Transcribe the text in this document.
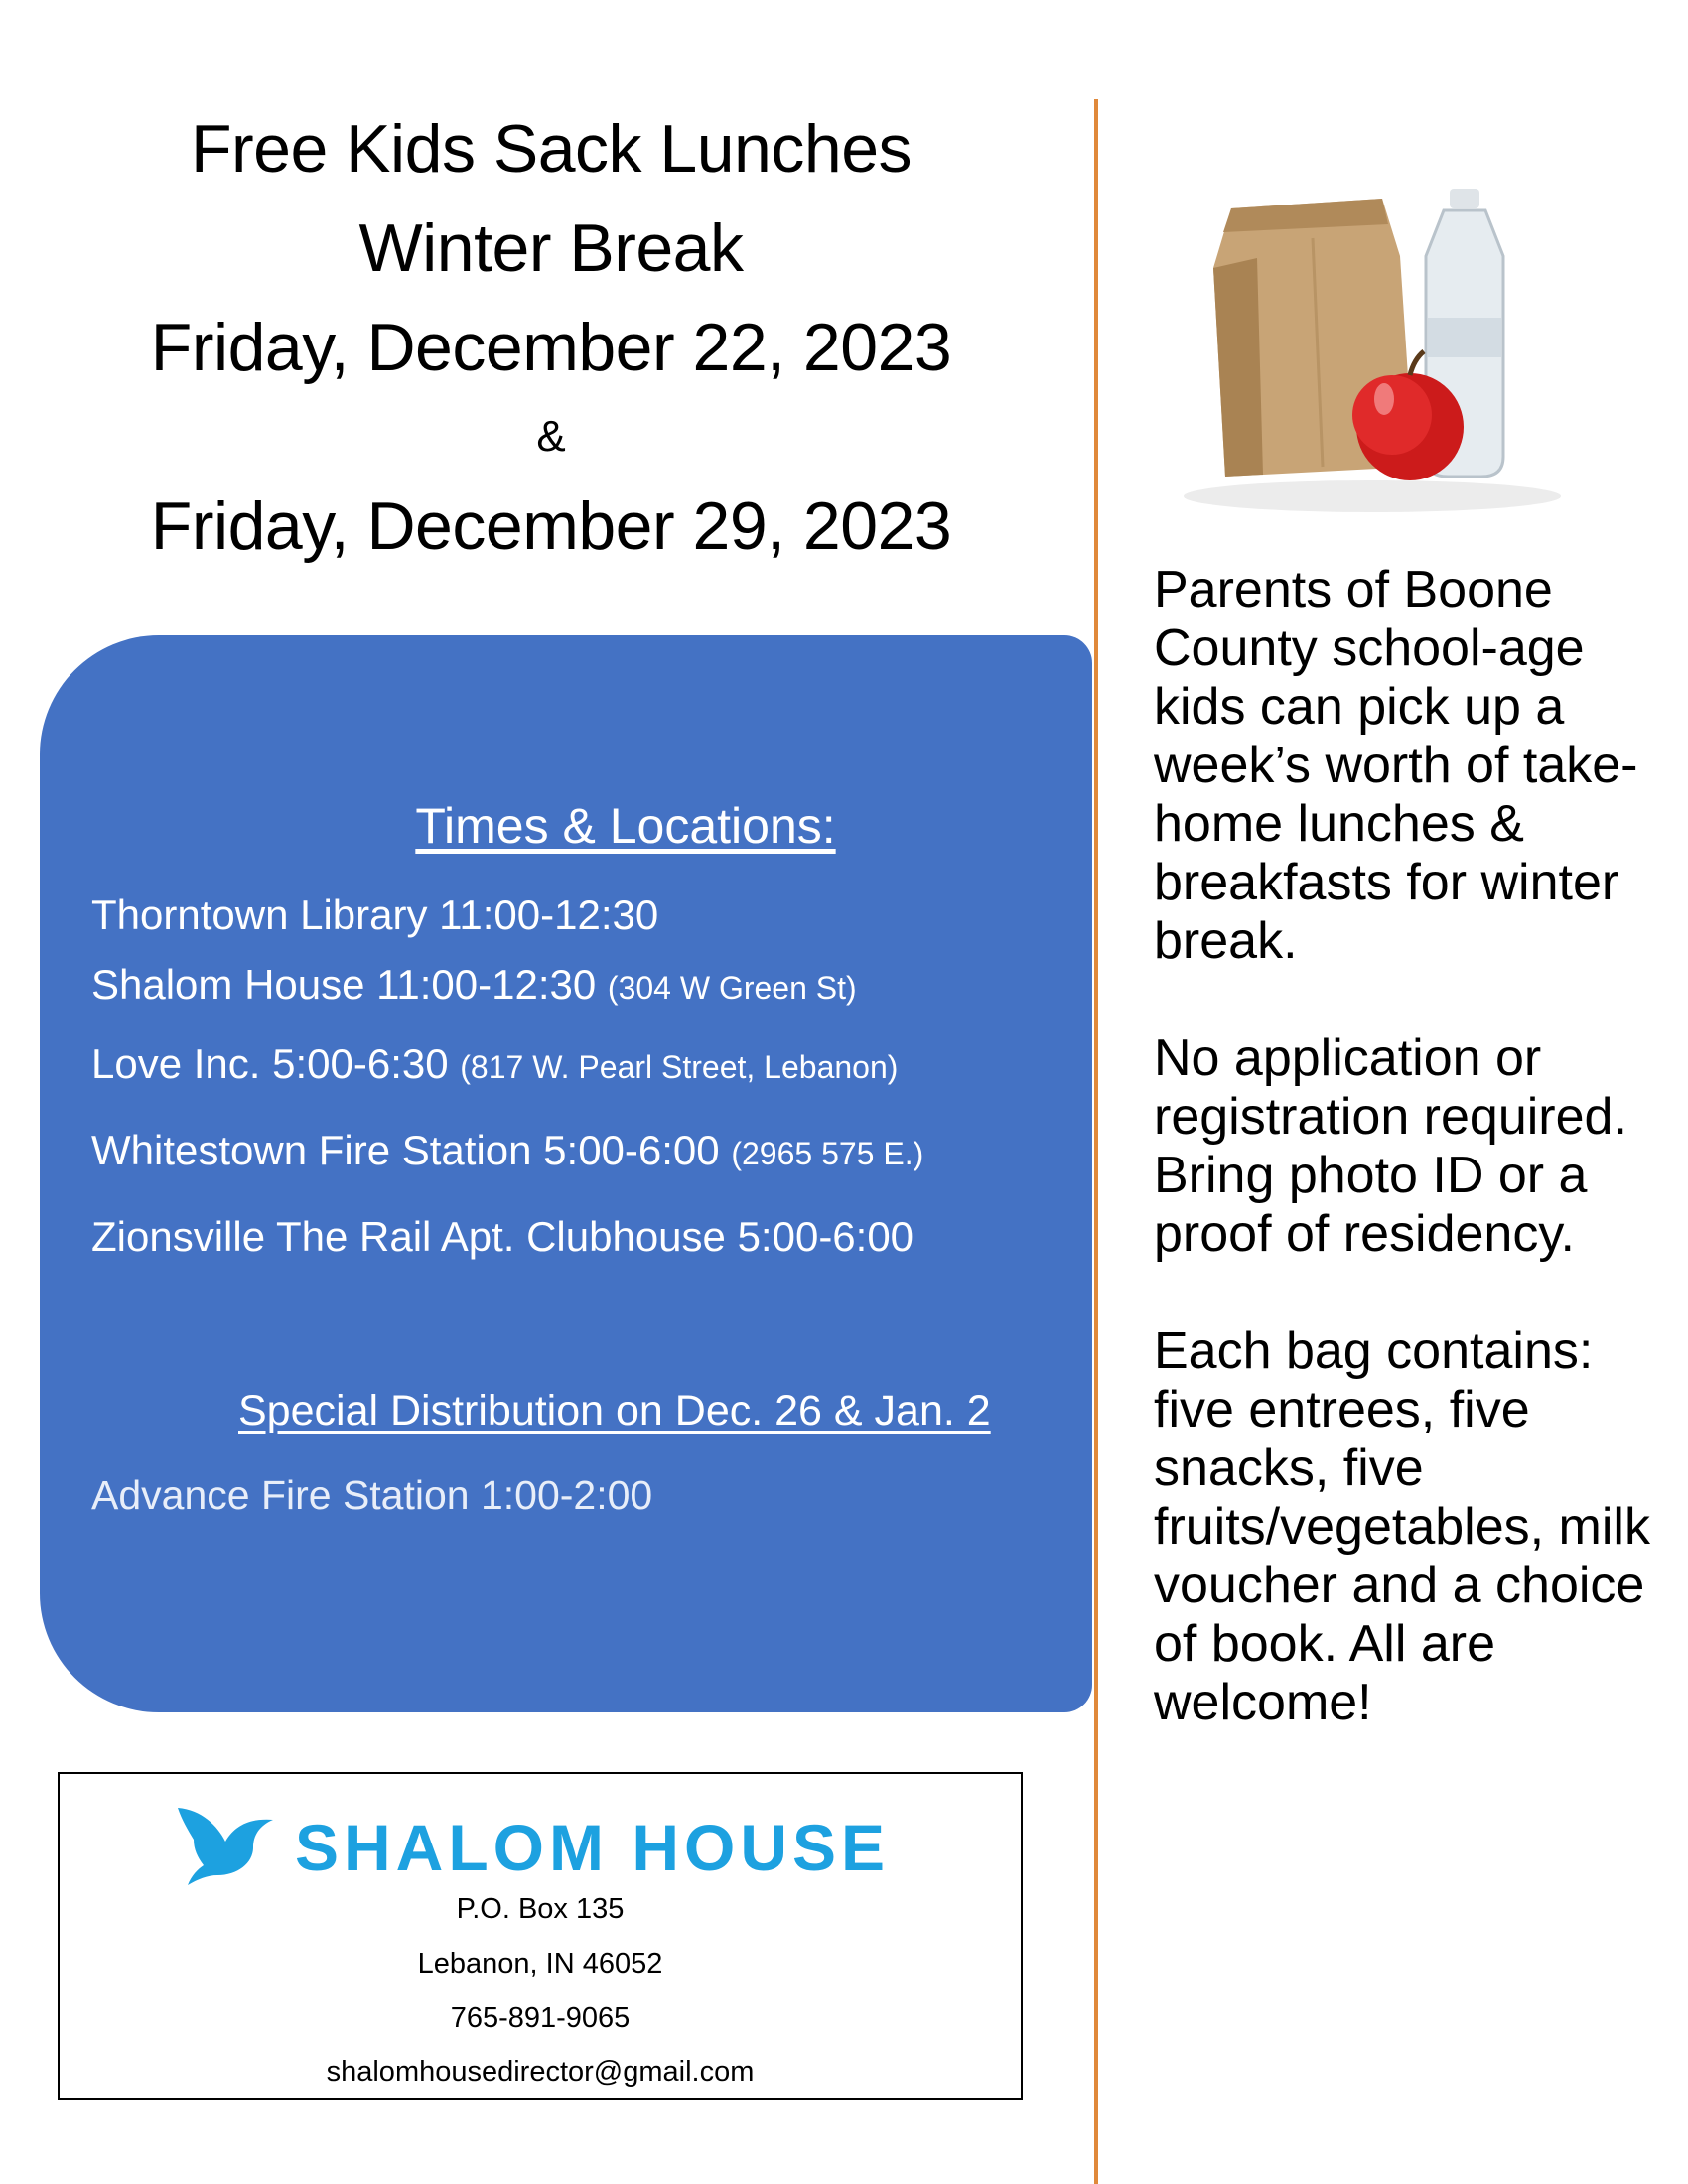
Free Kids Sack Lunches
Winter Break
Friday, December 22, 2023
&
Friday, December 29, 2023
Times & Locations:
Thorntown Library 11:00-12:30
Shalom House 11:00-12:30 (304 W Green St)
Love Inc. 5:00-6:30 (817 W. Pearl Street, Lebanon)
Whitestown Fire Station 5:00-6:00 (2965 575 E.)
Zionsville The Rail Apt. Clubhouse 5:00-6:00
Special Distribution on Dec. 26 & Jan. 2
Advance Fire Station 1:00-2:00
SHALOM HOUSE
P.O. Box 135
Lebanon, IN 46052
765-891-9065
shalomhousedirector@gmail.com
Parents of Boone County school-age kids can pick up a week’s worth of take-home lunches & breakfasts for winter break.
No application or registration required. Bring photo ID or a proof of residency.
Each bag contains: five entrees, five snacks, five fruits/vegetables, milk voucher and a choice of book. All are welcome!
